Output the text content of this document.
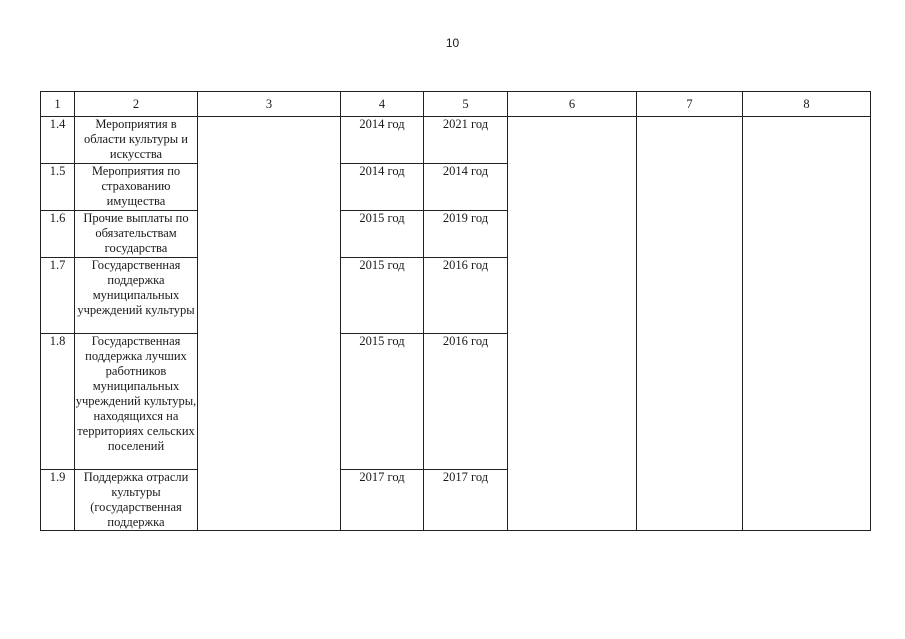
10
1	2	3	4	5	6	7	8
1.4	Мероприятия в области культуры и искусства		2014 год	2021 год			
1.5	Мероприятия по страхованию имущества		2014 год	2014 год			
1.6	Прочие выплаты по обязательствам государства		2015 год	2019 год			
1.7	Государственная поддержка муниципальных учреждений культуры		2015 год	2016 год			
1.8	Государственная поддержка лучших работников муниципальных учреждений культуры, находящихся на территориях сельских поселений		2015 год	2016 год			
1.9	Поддержка отрасли культуры (государственная поддержка		2017 год	2017 год			
